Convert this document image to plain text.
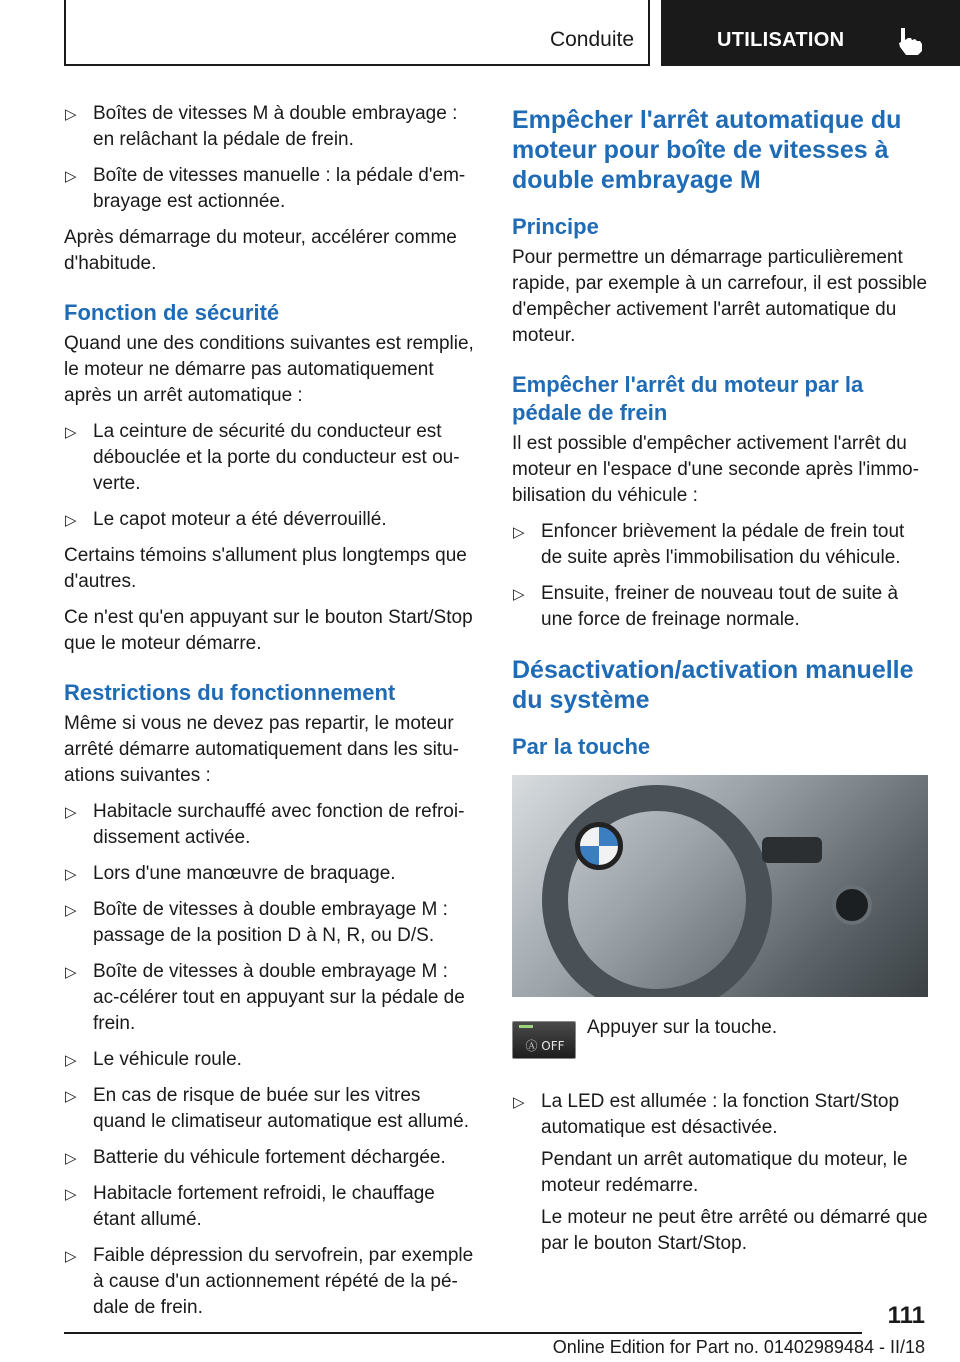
Conduite	UTILISATION
▷ Boîtes de vitesses M à double embrayage : en relâchant la pédale de frein.
▷ Boîte de vitesses manuelle : la pédale d'em‐brayage est actionnée.

Après démarrage du moteur, accélérer comme d'habitude.

Fonction de sécurité

Quand une des conditions suivantes est remplie, le moteur ne démarre pas automatiquement après un arrêt automatique :

▷ La ceinture de sécurité du conducteur est débouclée et la porte du conducteur est ou‐verte.
▷ Le capot moteur a été déverrouillé.

Certains témoins s'allument plus longtemps que d'autres.

Ce n'est qu'en appuyant sur le bouton Start/Stop que le moteur démarre.

Restrictions du fonctionnement

Même si vous ne devez pas repartir, le moteur arrêté démarre automatiquement dans les situ‐ations suivantes :

▷ Habitacle surchauffé avec fonction de refroi‐dissement activée.
▷ Lors d'une manœuvre de braquage.
▷ Boîte de vitesses à double embrayage M : passage de la position D à N, R, ou D/S.
▷ Boîte de vitesses à double embrayage M : ac‐célérer tout en appuyant sur la pédale de frein.
▷ Le véhicule roule.
▷ En cas de risque de buée sur les vitres quand le climatiseur automatique est allumé.
▷ Batterie du véhicule fortement déchargée.
▷ Habitacle fortement refroidi, le chauffage étant allumé.
▷ Faible dépression du servofrein, par exemple à cause d'un actionnement répété de la pé‐dale de frein.
Empêcher l'arrêt automatique du moteur pour boîte de vitesses à double embrayage M
Principe

Pour permettre un démarrage particulièrement rapide, par exemple à un carrefour, il est possible d'empêcher activement l'arrêt automatique du moteur.

Empêcher l'arrêt du moteur par la pédale de frein

Il est possible d'empêcher activement l'arrêt du moteur en l'espace d'une seconde après l'immo‐bilisation du véhicule :

▷ Enfoncer brièvement la pédale de frein tout de suite après l'immobilisation du véhicule.
▷ Ensuite, freiner de nouveau tout de suite à une force de freinage normale.
Désactivation/activation manuelle du système
Par la touche
Ⓐ OFF
Appuyer sur la touche.
▷ La LED est allumée : la fonction Start/Stop automatique est désactivée.
Pendant un arrêt automatique du moteur, le moteur redémarre.
Le moteur ne peut être arrêté ou démarré que par le bouton Start/Stop.
111
Online Edition for Part no. 01402989484 - II/18
